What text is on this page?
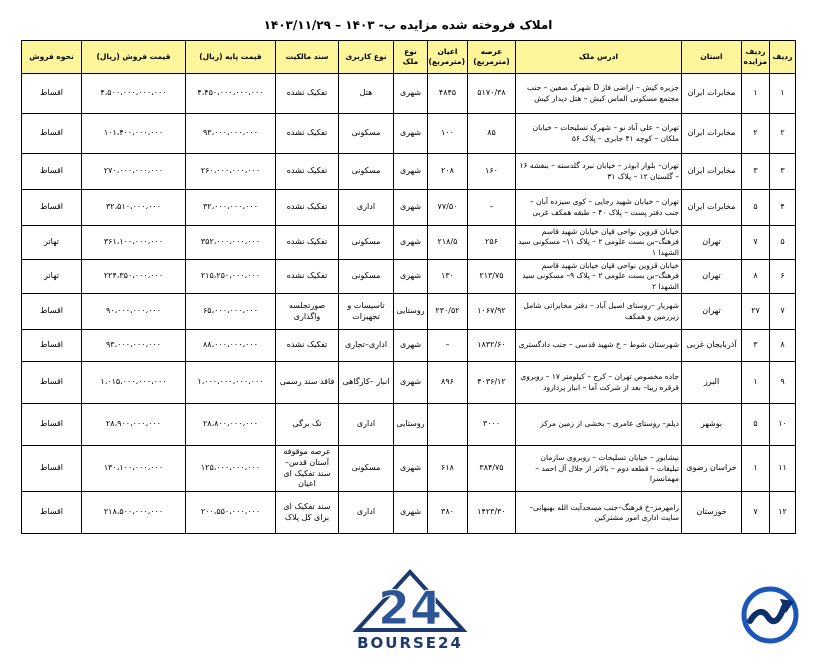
املاک فروخته شده مزایده ب- ۱۴۰۳ – ۱۴۰۳/۱۱/۲۹
ردیف	ردیف مزایده	استان	ادرس ملک	عرصه (مترمربع)	اعیان (مترمربع)	نوع ملک	نوع کاربری	سند مالکیت	قیمت پایه (ریال)	قیمت فروش (ریال)	نحوه فروش
۱	۱	مخابرات ایران	جزیره کیش – اراضی فاز D شهرک صفین – جنب مجتمع مسکونی الماس کیش – هتل دیدار کیش	۵۱۷۰/۳۸	۴۸۴۵	شهری	هتل	تفکیک نشده	۴،۴۵۰،۰۰۰،۰۰۰،۰۰۰	۴،۵۰۰،۰۰۰،۰۰۰،۰۰۰	اقساط
۲	۲	مخابرات ایران	تهران – علی آباد نو – شهرک تسلیحات – خیابان ملکان – کوچه ۴۱ جابری – پلاک ۵۶	۸۵	۱۰۰	شهری	مسکونی	تفکیک نشده	۹۳،۰۰۰،۰۰۰،۰۰۰	۱۰۱،۴۰۰،۰۰۰،۰۰۰	اقساط
۳	۳	مخابرات ایران	تهران– بلوار ابوذر – خیابان نبرد گلدسته – بنفشه ۱۶ – گلستان ۱۲ – پلاک ۳۱	۱۶۰	۲۰۸	شهری	مسکونی	تفکیک نشده	۲۶۰،۰۰۰،۰۰۰،۰۰۰	۲۷۰،۰۰۰،۰۰۰،۰۰۰	اقساط
۴	۵	مخابرات ایران	تهران – خیابان شهید رجایی – کوی سیزده آبان – جنب دفتر پست – پلاک ۴۰ – طبقه همکف غربی	–	۷۷/۵۰	شهری	اداری	تفکیک نشده	۳۲،۰۰۰،۰۰۰،۰۰۰	۳۲،۵۱۰،۰۰۰،۰۰۰	اقساط
۵	۷	تهران	خیابان قزوین نواحی قپان خیابان شهید قاسم فرهنگ–بن بست علومی ۲ – پلاک ۱۱– مسکونی سید الشهدا ۱	۲۵۶	۲۱۸/۵	شهری	مسکونی	تفکیک نشده	۳۵۲،۰۰۰،۰۰۰،۰۰۰	۳۶۱،۱۰۰،۰۰۰،۰۰۰	تهاتر
۶	۸	تهران	خیابان قزوین نواحی قپان خیابان شهید قاسم فرهنگ–بن بست علومی ۲ – پلاک ۹– مسکونی سید الشهدا ۲	۲۱۳/۷۵	۱۳۰	شهری	مسکونی	تفکیک نشده	۲۱۵،۲۵۰،۰۰۰،۰۰۰	۲۲۴،۳۵۰،۰۰۰،۰۰۰	تهاتر
۷	۲۷	تهران	شهریار –روستای اصیل آباد – دفتر مخابراتی شامل زیرزمین و همکف	۱۰۶۷/۹۲	۲۳۰/۵۲	روستایی	تاسیسات و تجهیزات	صورتجلسه واگذاری	۶۵،۰۰۰،۰۰۰،۰۰۰	۹۰،۰۰۰،۰۰۰،۰۰۰	اقساط
۸	۳	آذربایجان غربی	شهرستان شوط – خ شهید قدسی – جنب دادگستری	۱۸۳۲/۶۰	–	شهری	اداری–تجاری	تفکیک نشده	۸۸،۰۰۰،۰۰۰،۰۰۰	۹۳،۰۰۰،۰۰۰،۰۰۰	اقساط
۹	۱	البرز	جاده مخصوص تهران – کرج – کیلومتر ۱۷ – روبروی قرقره زیبا– بعد از شرکت آما – انبار پردارود	۴۰۳۶/۱۲	۸۹۶	شهری	انبار –کارگاهی	فاقد سند رسمی	۱،۰۰۰،۰۰۰،۰۰۰،۰۰۰	۱،۰۱۵،۰۰۰،۰۰۰،۰۰۰	اقساط
۱۰	۵	بوشهر	دیلم– روستای عامری – بخشی از زمین مرکز	۳۰۰۰		روستایی	اداری	تک برگی	۲۸،۸۰۰،۰۰۰،۰۰۰	۲۸،۹۰۰،۰۰۰،۰۰۰	اقساط
۱۱	۱	خراسان رضوی	نیشابور – خیابان تسلیحات – روبروی سازمان تبلیغات – قطعه دوم – بالاتر از جلال آل احمد – مهمانسرا	۳۸۴/۷۵	۶۱۸	شهری	مسکونی	عرصه موقوفه آستان قدس– سند تفکیک ای اعیان	۱۲۵،۰۰۰،۰۰۰،۰۰۰	۱۳۰،۱۰۰،۰۰۰،۰۰۰	اقساط
۱۲	۷	خوزستان	رامهرمز–خ فرهنگ–جنب مسجدآیت الله بهبهانی–سایت اداری امور مشترکین	۱۴۲۳/۳۰	۳۸۰	شهری	اداری	سند تفکیک ای برای کل پلاک	۲۰۰،۵۵۰،۰۰۰،۰۰۰	۲۱۸،۵۰۰،۰۰۰،۰۰۰	اقساط
24
BOURSE24
